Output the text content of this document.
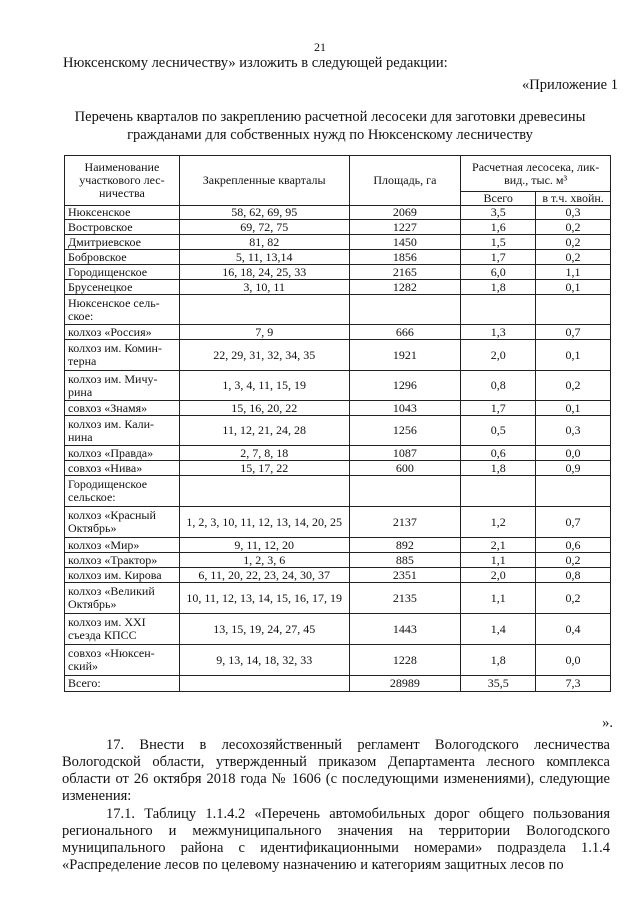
21
Нюксенскому лесничеству» изложить в следующей редакции:
«Приложение 1
Перечень кварталов по закреплению расчетной лесосеки для заготовки древесины гражданами для собственных нужд по Нюксенскому лесничеству
Наименование участкового лес-ничества	Закрепленные кварталы	Площадь, га	Расчетная лесосека, лик-вид., тыс. м³	
			Всего	в т.ч. хвойн.
Нюксенское	58, 62, 69, 95	2069	3,5	0,3
Востровское	69, 72, 75	1227	1,6	0,2
Дмитриевское	81, 82	1450	1,5	0,2
Бобровское	5, 11, 13,14	1856	1,7	0,2
Городищенское	16, 18, 24, 25, 33	2165	6,0	1,1
Брусенецкое	3, 10, 11	1282	1,8	0,1
Нюксенское сель-ское:				
колхоз «Россия»	7, 9	666	1,3	0,7
колхоз им. Комин-терна	22, 29, 31, 32, 34, 35	1921	2,0	0,1
колхоз им. Мичу-рина	1, 3, 4, 11, 15, 19	1296	0,8	0,2
совхоз «Знамя»	15, 16, 20, 22	1043	1,7	0,1
колхоз им. Кали-нина	11, 12, 21, 24, 28	1256	0,5	0,3
колхоз «Правда»	2, 7, 8, 18	1087	0,6	0,0
совхоз «Нива»	15, 17, 22	600	1,8	0,9
Городищенское сельское:				
колхоз «Красный Октябрь»	1, 2, 3, 10, 11, 12, 13, 14, 20, 25	2137	1,2	0,7
колхоз «Мир»	9, 11, 12, 20	892	2,1	0,6
колхоз «Трактор»	1, 2, 3, 6	885	1,1	0,2
колхоз им. Кирова	6, 11, 20, 22, 23, 24, 30, 37	2351	2,0	0,8
колхоз «Великий Октябрь»	10, 11, 12, 13, 14, 15, 16, 17, 19	2135	1,1	0,2
колхоз им. XXI съезда КПСС	13, 15, 19, 24, 27, 45	1443	1,4	0,4
совхоз «Нюксен-ский»	9, 13, 14, 18, 32, 33	1228	1,8	0,0
Всего:		28989	35,5	7,3
».
17. Внести в лесохозяйственный регламент Вологодского лесничества Вологодской области, утвержденный приказом Департамента лесного комплекса области от 26 октября 2018 года № 1606 (с последующими изменениями), следующие изменения:
17.1. Таблицу 1.1.4.2 «Перечень автомобильных дорог общего пользования регионального и межмуниципального значения на территории Вологодского муниципального района с идентификационными номерами» подраздела 1.1.4 «Распределение лесов по целевому назначению и категориям защитных лесов по
